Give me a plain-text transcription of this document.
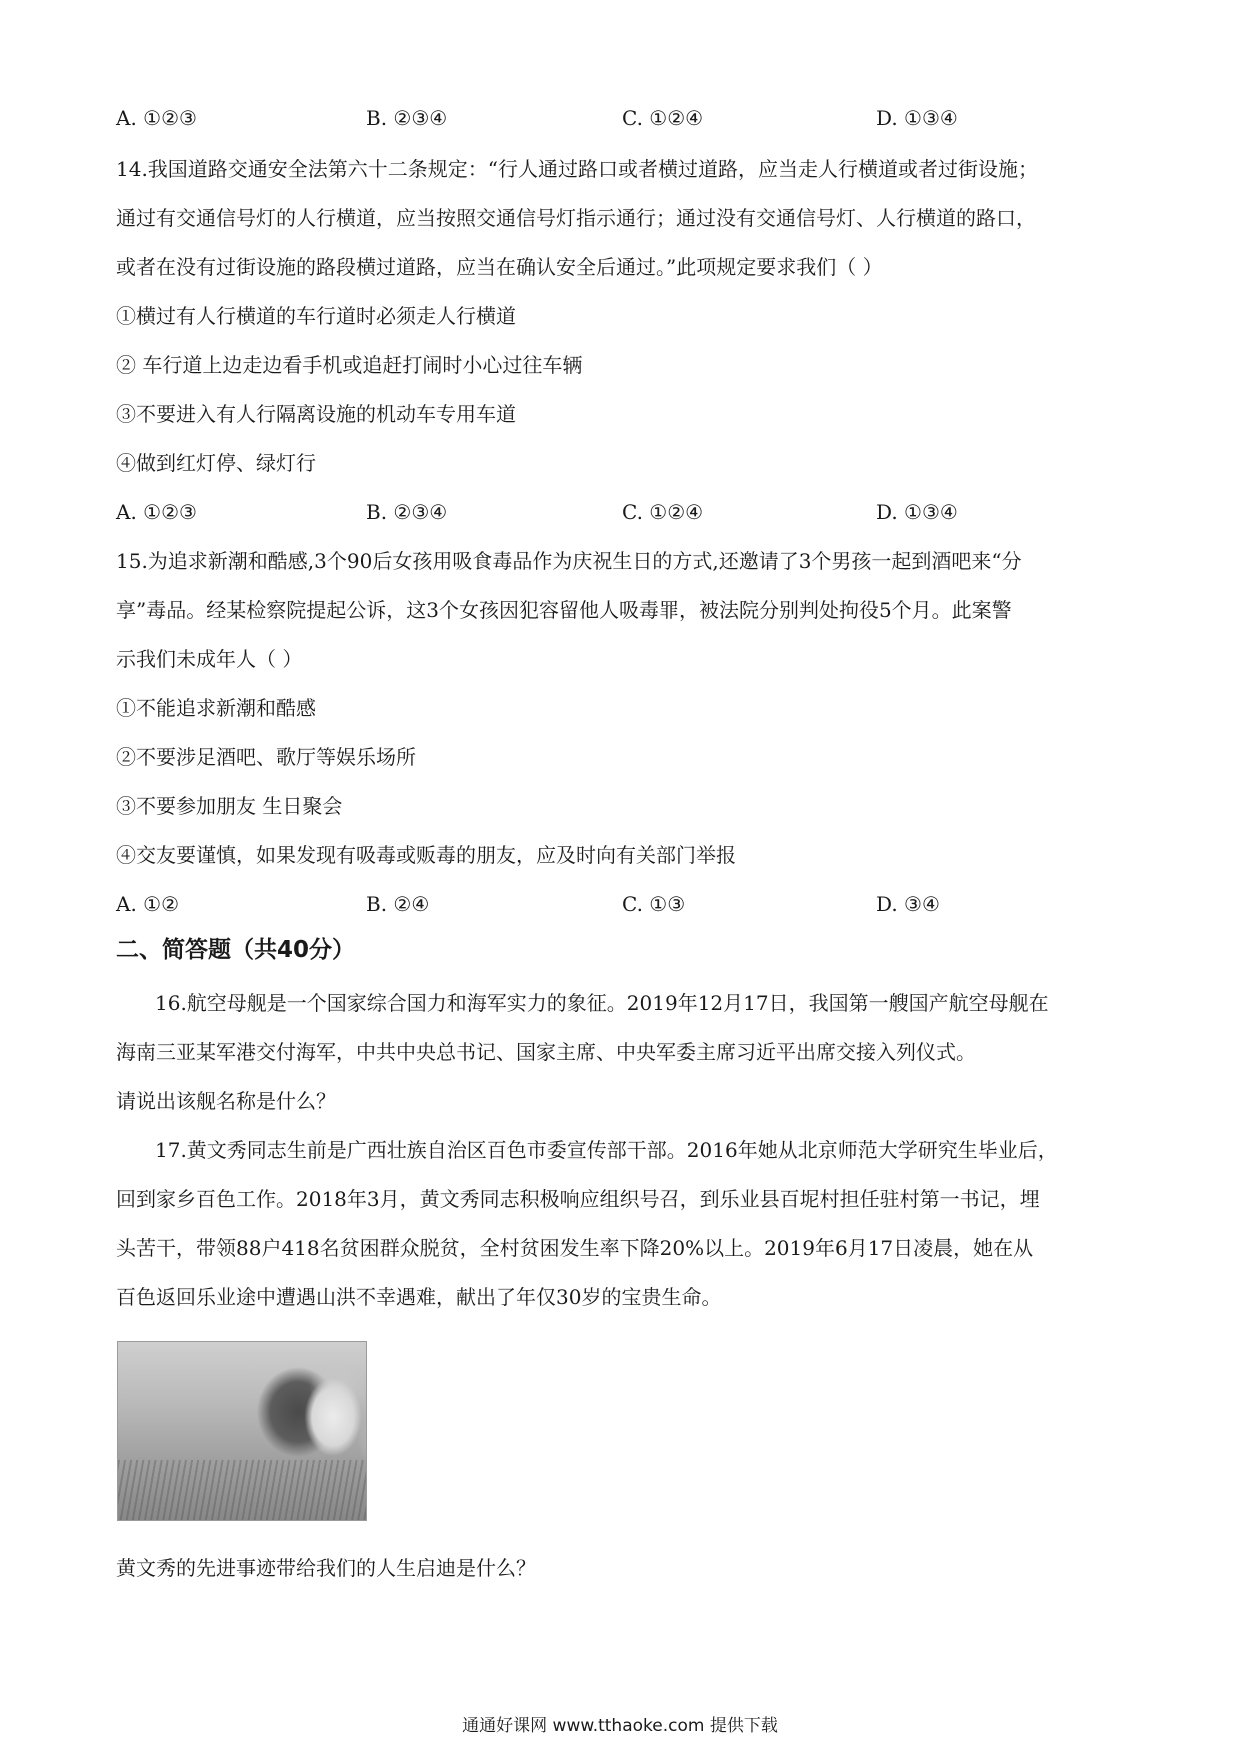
A. ①②③	B. ②③④	C. ①②④	D. ①③④
14.我国道路交通安全法第六十二条规定：“行人通过路口或者横过道路，应当走人行横道或者过街设施；
通过有交通信号灯的人行横道，应当按照交通信号灯指示通行；通过没有交通信号灯、人行横道的路口，
或者在没有过街设施的路段横过道路，应当在确认安全后通过。”此项规定要求我们（ ）
①横过有人行横道的车行道时必须走人行横道
② 车行道上边走边看手机或追赶打闹时小心过往车辆
③不要进入有人行隔离设施的机动车专用车道
④做到红灯停、绿灯行
A. ①②③	B. ②③④	C. ①②④	D. ①③④
15.为追求新潮和酷感,3个90后女孩用吸食毒品作为庆祝生日的方式,还邀请了3个男孩一起到酒吧来“分
享”毒品。经某检察院提起公诉，这3个女孩因犯容留他人吸毒罪，被法院分别判处拘役5个月。此案警
示我们未成年人（ ）
①不能追求新潮和酷感
②不要涉足酒吧、歌厅等娱乐场所
③不要参加朋友 生日聚会
④交友要谨慎，如果发现有吸毒或贩毒的朋友，应及时向有关部门举报
A. ①②	B. ②④	C. ①③	D. ③④
二、简答题（共40分）
16.航空母舰是一个国家综合国力和海军实力的象征。2019年12月17日，我国第一艘国产航空母舰在
海南三亚某军港交付海军，中共中央总书记、国家主席、中央军委主席习近平出席交接入列仪式。
请说出该舰名称是什么？
17.黄文秀同志生前是广西壮族自治区百色市委宣传部干部。2016年她从北京师范大学研究生毕业后，
回到家乡百色工作。2018年3月，黄文秀同志积极响应组织号召，到乐业县百坭村担任驻村第一书记，埋
头苦干，带领88户418名贫困群众脱贫，全村贫困发生率下降20%以上。2019年6月17日凌晨，她在从
百色返回乐业途中遭遇山洪不幸遇难，献出了年仅30岁的宝贵生命。
黄文秀的先进事迹带给我们的人生启迪是什么？
通通好课网 www.tthaoke.com 提供下载
